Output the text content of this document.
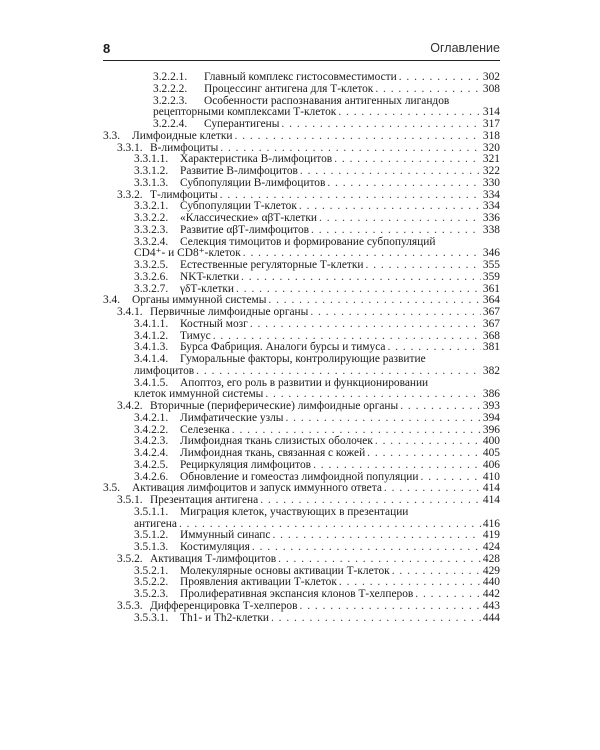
8	Оглавление
3.2.2.1. Главный комплекс гистосовместимости . . .	302
3.2.2.2. Процессинг антигена для Т-клеток . . .	308
3.2.2.3. Особенности распознавания антигенных лигандов
рецепторными комплексами Т-клеток . . .	314
3.2.2.4. Суперантигены . . .	317
3.3. Лимфоидные клетки . . .	318
3.3.1. В-лимфоциты . . .	320
3.3.1.1. Характеристика В-лимфоцитов . . .	321
3.3.1.2. Развитие В-лимфоцитов . . .	322
3.3.1.3. Субпопуляции В-лимфоцитов . . .	330
3.3.2. Т-лимфоциты . . .	334
3.3.2.1. Субпопуляции Т-клеток . . .	334
3.3.2.2. «Классические» αβТ-клетки . . .	336
3.3.2.3. Развитие αβТ-лимфоцитов . . .	338
3.3.2.4. Селекция тимоцитов и формирование субпопуляций
CD4⁺- и CD8⁺-клеток . . .	346
3.3.2.5. Естественные регуляторные Т-клетки . . .	355
3.3.2.6. NKT-клетки . . .	359
3.3.2.7. γδТ-клетки . . .	361
3.4. Органы иммунной системы . . .	364
3.4.1. Первичные лимфоидные органы . . .	367
3.4.1.1. Костный мозг . . .	367
3.4.1.2. Тимус . . .	368
3.4.1.3. Бурса Фабриция. Аналоги бурсы и тимуса . . .	381
3.4.1.4. Гуморальные факторы, контролирующие развитие
лимфоцитов . . .	382
3.4.1.5. Апоптоз, его роль в развитии и функционировании
клеток иммунной системы . . .	386
3.4.2. Вторичные (периферические) лимфоидные органы . . .	393
3.4.2.1. Лимфатические узлы . . .	394
3.4.2.2. Селезенка . . .	396
3.4.2.3. Лимфоидная ткань слизистых оболочек . . .	400
3.4.2.4. Лимфоидная ткань, связанная с кожей . . .	405
3.4.2.5. Рециркуляция лимфоцитов . . .	406
3.4.2.6. Обновление и гомеостаз лимфоидной популяции . . .	410
3.5. Активация лимфоцитов и запуск иммунного ответа . . .	414
3.5.1. Презентация антигена . . .	414
3.5.1.1. Миграция клеток, участвующих в презентации
антигена . . .	416
3.5.1.2. Иммунный синапс . . .	419
3.5.1.3. Костимуляция . . .	424
3.5.2. Активация Т-лимфоцитов . . .	428
3.5.2.1. Молекулярные основы активации Т-клеток . . .	429
3.5.2.2. Проявления активации Т-клеток . . .	440
3.5.2.3. Пролиферативная экспансия клонов Т-хелперов . . .	442
3.5.3. Дифференцировка Т-хелперов . . .	443
3.5.3.1. Th1- и Th2-клетки . . .	444
